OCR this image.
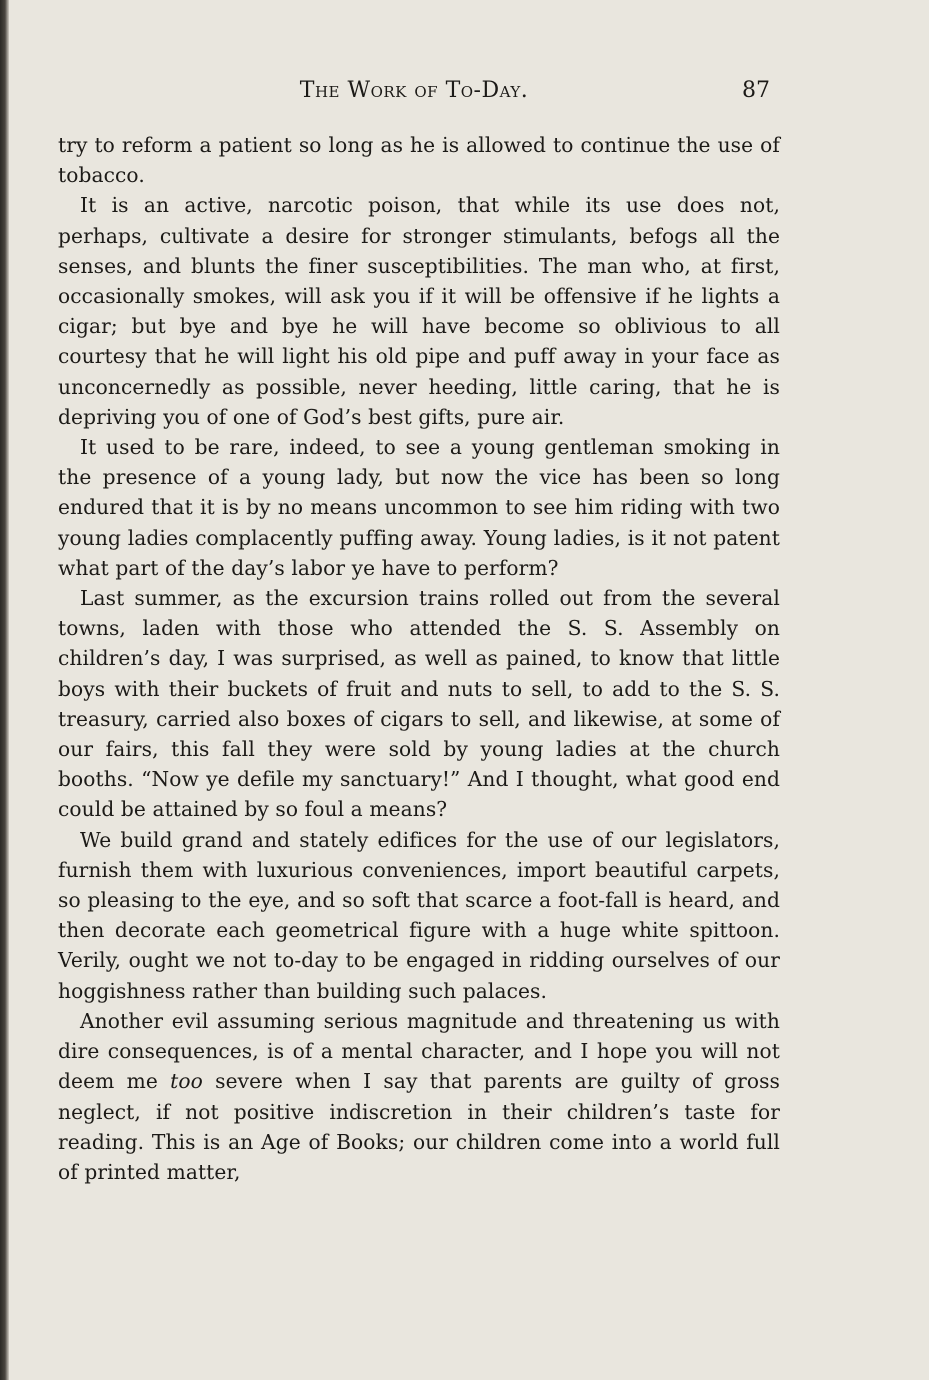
The Work of To-Day.	87

try to reform a patient so long as he is allowed to continue the use of tobacco.

It is an active, narcotic poison, that while its use does not, perhaps, cultivate a desire for stronger stimulants, befogs all the senses, and blunts the finer susceptibilities. The man who, at first, occasionally smokes, will ask you if it will be offensive if he lights a cigar; but bye and bye he will have become so oblivious to all courtesy that he will light his old pipe and puff away in your face as unconcernedly as possible, never heeding, little caring, that he is depriving you of one of God’s best gifts, pure air.

It used to be rare, indeed, to see a young gentleman smoking in the presence of a young lady, but now the vice has been so long endured that it is by no means uncommon to see him riding with two young ladies complacently puffing away. Young ladies, is it not patent what part of the day’s labor ye have to perform?

Last summer, as the excursion trains rolled out from the several towns, laden with those who attended the S. S. Assembly on children’s day, I was surprised, as well as pained, to know that little boys with their buckets of fruit and nuts to sell, to add to the S. S. treasury, carried also boxes of cigars to sell, and likewise, at some of our fairs, this fall they were sold by young ladies at the church booths. “Now ye defile my sanctuary!” And I thought, what good end could be attained by so foul a means?

We build grand and stately edifices for the use of our legislators, furnish them with luxurious conveniences, import beautiful carpets, so pleasing to the eye, and so soft that scarce a foot-fall is heard, and then decorate each geometrical figure with a huge white spittoon. Verily, ought we not to-day to be engaged in ridding ourselves of our hoggishness rather than building such palaces.

Another evil assuming serious magnitude and threatening us with dire consequences, is of a mental character, and I hope you will not deem me too severe when I say that parents are guilty of gross neglect, if not positive indiscretion in their children’s taste for reading. This is an Age of Books; our children come into a world full of printed matter,
